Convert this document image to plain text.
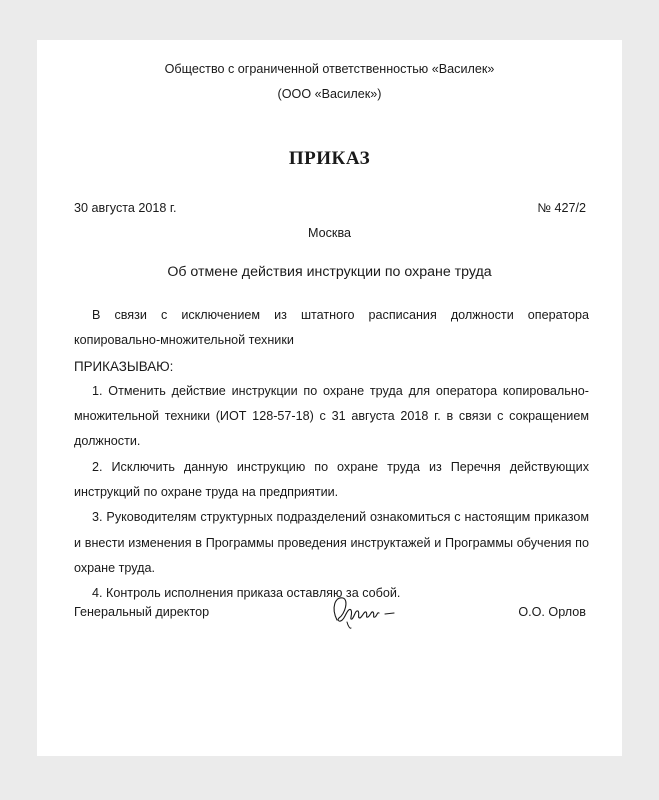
Общество с ограниченной ответственностью «Василек»
(ООО «Василек»)
ПРИКАЗ
30 августа 2018 г.	№ 427/2
Москва
Об отмене действия инструкции по охране труда

В связи с исключением из штатного расписания должности оператора копировально-множительной техники

ПРИКАЗЫВАЮ:

1. Отменить действие инструкции по охране труда для оператора копировально-множительной техники (ИОТ 128-57-18) с 31 августа 2018 г. в связи с сокращением должности.

2. Исключить данную инструкцию по охране труда из Перечня действующих инструкций по охране труда на предприятии.

3. Руководителям структурных подразделений ознакомиться с настоящим приказом и внести изменения в Программы проведения инструктажей и Программы обучения по охране труда.

4. Контроль исполнения приказа оставляю за собой.

Генеральный директор	О.О. Орлов
